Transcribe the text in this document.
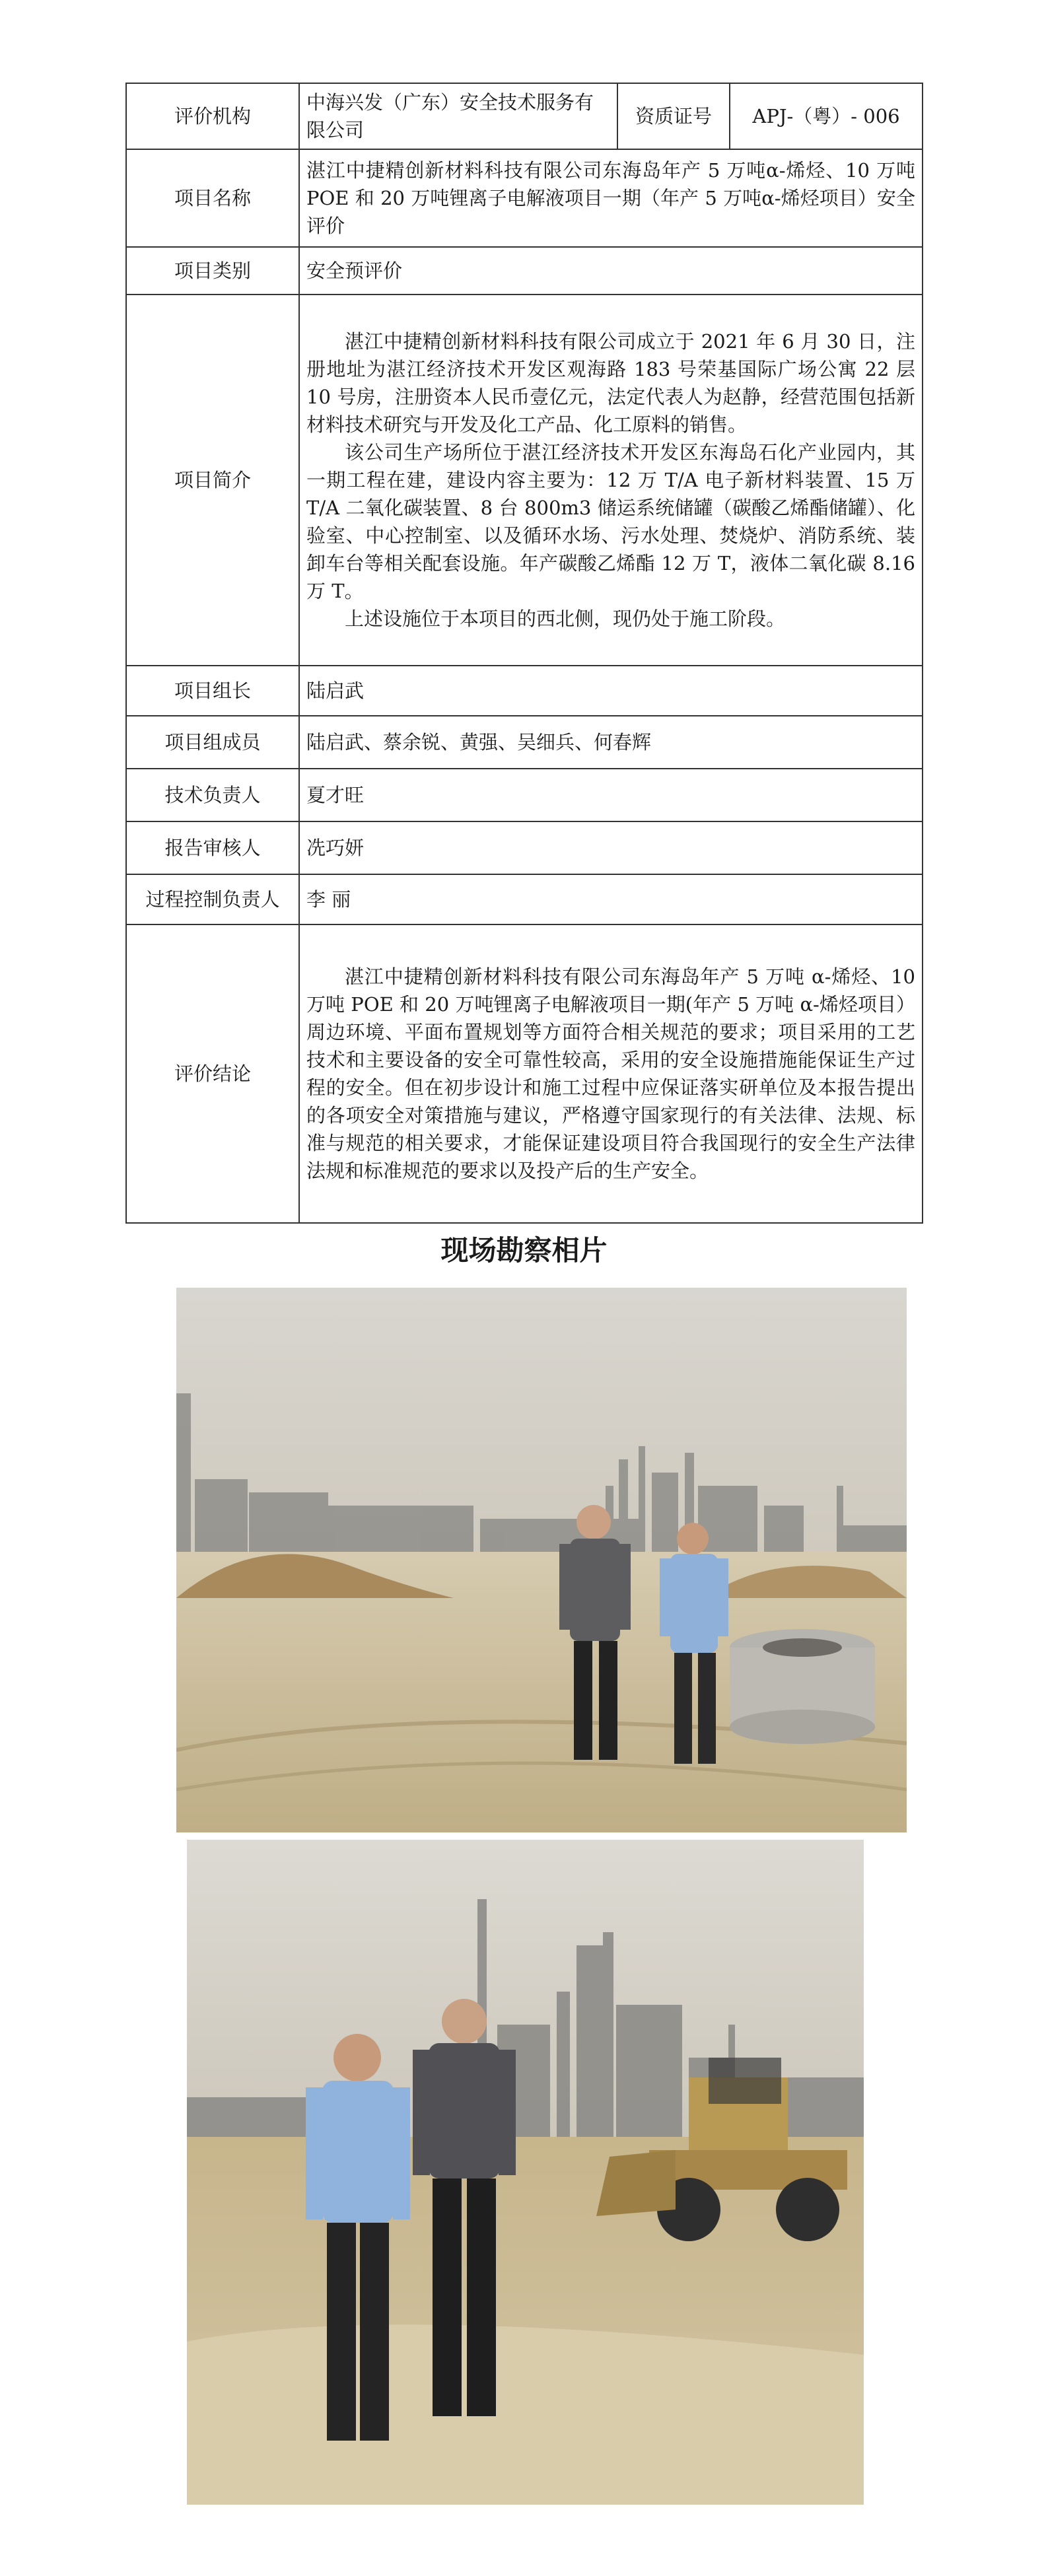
评价机构	中海兴发（广东）安全技术服务有限公司	资质证号	APJ-（粤）- 006
项目名称	湛江中捷精创新材料科技有限公司东海岛年产 5 万吨α-烯烃、10 万吨 POE 和 20 万吨锂离子电解液项目一期（年产 5 万吨α-烯烃项目）安全评价		
项目类别	安全预评价		
项目简介	湛江中捷精创新材料科技有限公司成立于 2021 年 6 月 30 日，注册地址为湛江经济技术开发区观海路 183 号荣基国际广场公寓 22 层 10 号房，注册资本人民币壹亿元，法定代表人为赵静，经营范围包括新材料技术研究与开发及化工产品、化工原料的销售。

该公司生产场所位于湛江经济技术开发区东海岛石化产业园内，其一期工程在建，建设内容主要为：12 万 T/A 电子新材料装置、15 万 T/A 二氧化碳装置、8 台 800m3 储运系统储罐（碳酸乙烯酯储罐）、化验室、中心控制室、以及循环水场、污水处理、焚烧炉、消防系统、装卸车台等相关配套设施。年产碳酸乙烯酯 12 万 T，液体二氧化碳 8.16 万 T。

上述设施位于本项目的西北侧，现仍处于施工阶段。		

项目组长	陆启武		
项目组成员	陆启武、蔡余锐、黄强、吴细兵、何春辉		
技术负责人	夏才旺		
报告审核人	冼巧妍		
过程控制负责人	李 丽		
评价结论	湛江中捷精创新材料科技有限公司东海岛年产 5 万吨 α-烯烃、10 万吨 POE 和 20 万吨锂离子电解液项目一期(年产 5 万吨 α-烯烃项目）周边环境、平面布置规划等方面符合相关规范的要求；项目采用的工艺技术和主要设备的安全可靠性较高，采用的安全设施措施能保证生产过程的安全。但在初步设计和施工过程中应保证落实研单位及本报告提出的各项安全对策措施与建议，严格遵守国家现行的有关法律、法规、标准与规范的相关要求，才能保证建设项目符合我国现行的安全生产法律法规和标准规范的要求以及投产后的生产安全。		

现场勘察相片
